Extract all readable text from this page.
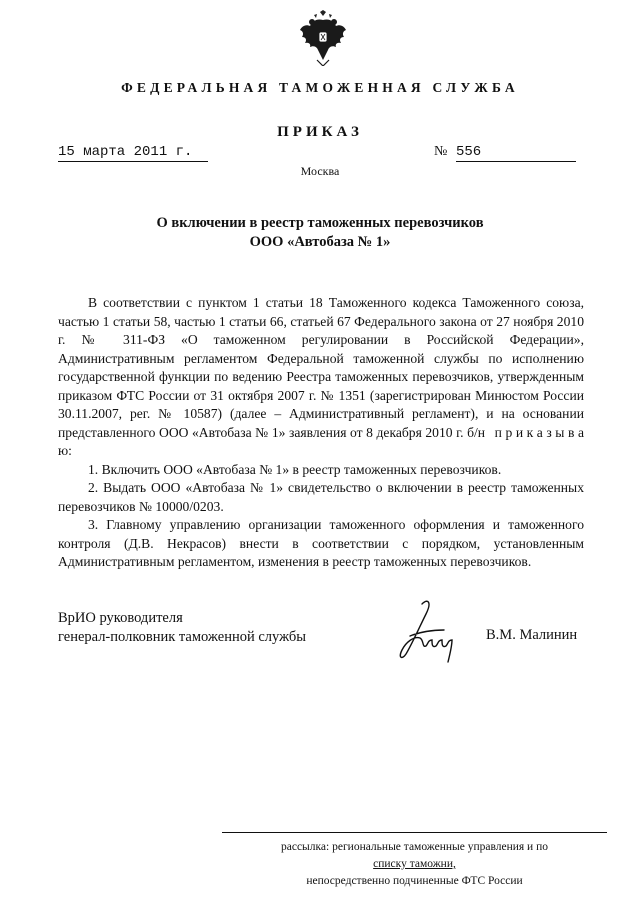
ФЕДЕРАЛЬНАЯ ТАМОЖЕННАЯ СЛУЖБА
ПРИКАЗ
15 марта 2011 г.	№ 556
Москва
О включении в реестр таможенных перевозчиков
ООО «Автобаза № 1»

В соответствии с пунктом 1 статьи 18 Таможенного кодекса Таможенного союза, частью 1 статьи 58, частью 1 статьи 66, статьей 67 Федерального закона от 27 ноября 2010 г. № 311-ФЗ «О таможенном регулировании в Российской Федерации», Административным регламентом Федеральной таможенной службы по исполнению государственной функции по ведению Реестра таможенных перевозчиков, утвержденным приказом ФТС России от 31 октября 2007 г. № 1351 (зарегистрирован Минюстом России 30.11.2007, рег. № 10587) (далее – Административный регламент), и на основании представленного ООО «Автобаза № 1» заявления от 8 декабря 2010 г. б/н п р и к а з ы в а ю:

1. Включить ООО «Автобаза № 1» в реестр таможенных перевозчиков.

2. Выдать ООО «Автобаза № 1» свидетельство о включении в реестр таможенных перевозчиков № 10000/0203.

3. Главному управлению организации таможенного оформления и таможенного контроля (Д.В. Некрасов) внести в соответствии с порядком, установленным Административным регламентом, изменения в реестр таможенных перевозчиков.

ВрИО руководителя
генерал-полковник таможенной службы	В.М. Малинин
рассылка: региональные таможенные управления и по
списку таможни,
непосредственно подчиненные ФТС России
